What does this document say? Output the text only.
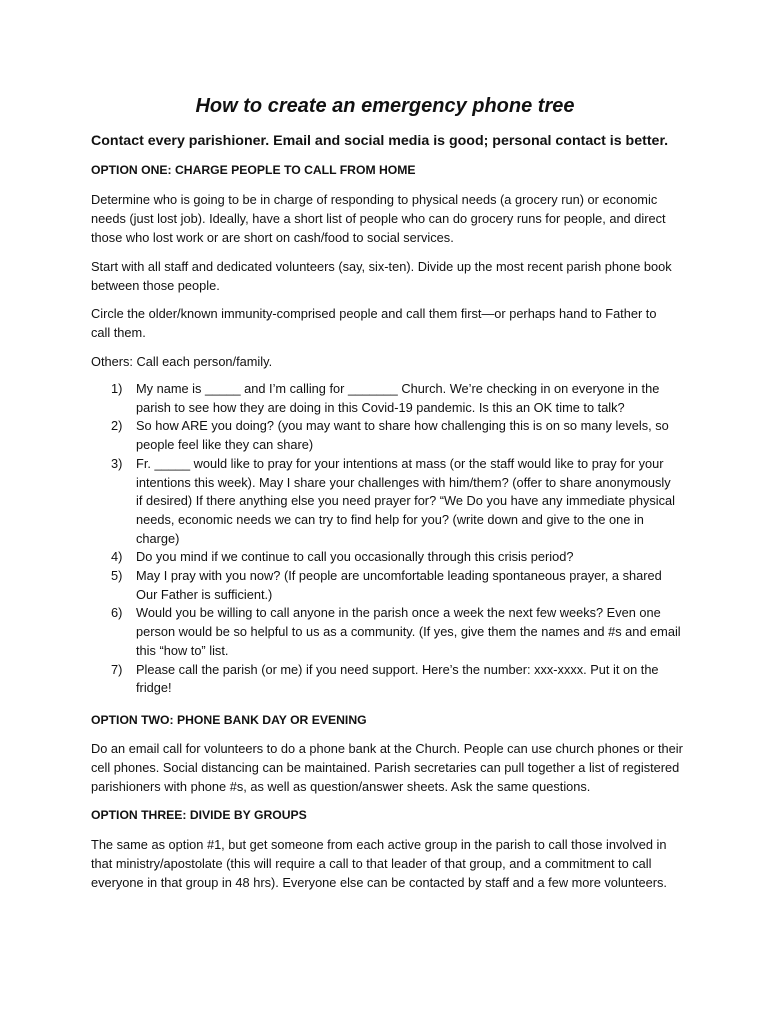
How to create an emergency phone tree

Contact every parishioner. Email and social media is good; personal contact is better.

OPTION ONE: CHARGE PEOPLE TO CALL FROM HOME

Determine who is going to be in charge of responding to physical needs (a grocery run) or economic
needs (just lost job). Ideally, have a short list of people who can do grocery runs for people, and direct
those who lost work or are short on cash/food to social services.

Start with all staff and dedicated volunteers (say, six-ten). Divide up the most recent parish phone book
between those people.

Circle the older/known immunity-comprised people and call them first—or perhaps hand to Father to
call them.

Others: Call each person/family.

1) My name is _____ and I’m calling for _______ Church. We’re checking in on everyone in the
parish to see how they are doing in this Covid-19 pandemic. Is this an OK time to talk?
2) So how ARE you doing? (you may want to share how challenging this is on so many levels, so
people feel like they can share)
3) Fr. _____ would like to pray for your intentions at mass (or the staff would like to pray for your
intentions this week). May I share your challenges with him/them? (offer to share anonymously
if desired) If there anything else you need prayer for? “We Do you have any immediate physical
needs, economic needs we can try to find help for you? (write down and give to the one in
charge)
4) Do you mind if we continue to call you occasionally through this crisis period?
5) May I pray with you now? (If people are uncomfortable leading spontaneous prayer, a shared
Our Father is sufficient.)
6) Would you be willing to call anyone in the parish once a week the next few weeks? Even one
person would be so helpful to us as a community. (If yes, give them the names and #s and email
this “how to” list.
7) Please call the parish (or me) if you need support. Here’s the number: xxx-xxxx. Put it on the
fridge!
OPTION TWO: PHONE BANK DAY OR EVENING

Do an email call for volunteers to do a phone bank at the Church. People can use church phones or their
cell phones. Social distancing can be maintained. Parish secretaries can pull together a list of registered
parishioners with phone #s, as well as question/answer sheets. Ask the same questions.

OPTION THREE: DIVIDE BY GROUPS

The same as option #1, but get someone from each active group in the parish to call those involved in
that ministry/apostolate (this will require a call to that leader of that group, and a commitment to call
everyone in that group in 48 hrs). Everyone else can be contacted by staff and a few more volunteers.
